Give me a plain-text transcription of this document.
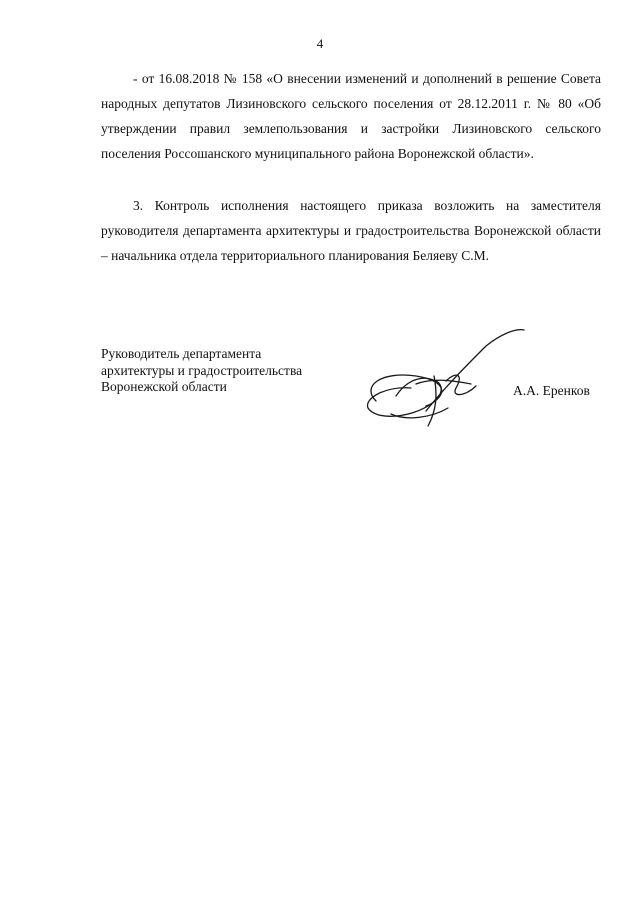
4
- от 16.08.2018 № 158 «О внесении изменений и дополнений в решение Совета народных депутатов Лизиновского сельского поселения от 28.12.2011 г. № 80 «Об утверждении правил землепользования и застройки Лизиновского сельского поселения Россошанского муниципального района Воронежской области».
3. Контроль исполнения настоящего приказа возложить на заместителя руководителя департамента архитектуры и градостроительства Воронежской области – начальника отдела территориального планирования Беляеву С.М.
Руководитель департамента
архитектуры и градостроительства
Воронежской области	А.А. Еренков
